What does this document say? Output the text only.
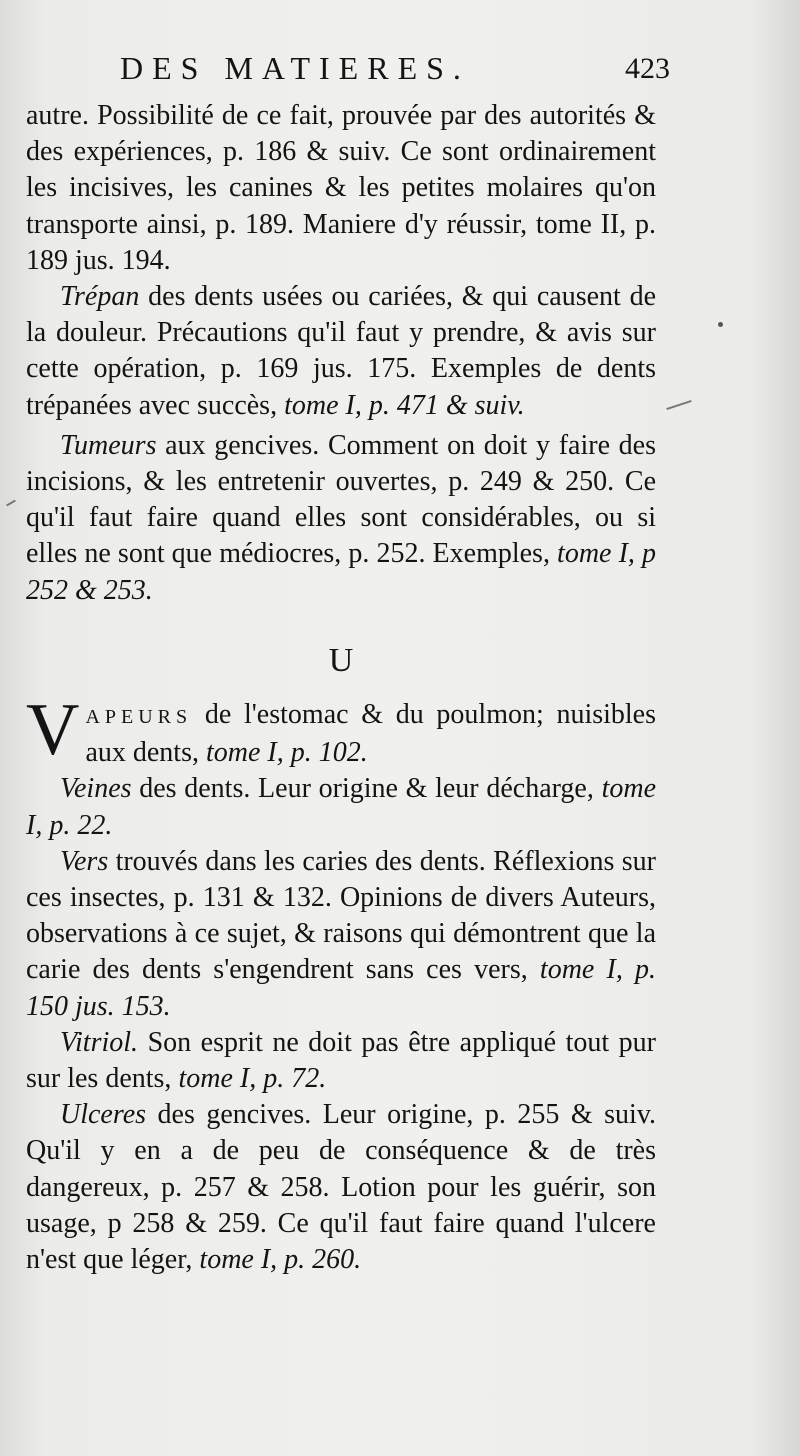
DES MATIERES.	423

autre. Possibilité de ce fait, prouvée par des autorités & des expériences, p. 186 & suiv. Ce sont ordinairement les incisives, les canines & les petites molaires qu'on transporte ainsi, p. 189. Maniere d'y réussir, tome II, p. 189 jus. 194.

Trépan des dents usées ou cariées, & qui causent de la douleur. Précautions qu'il faut y prendre, & avis sur cette opération, p. 169 jus. 175. Exemples de dents trépanées avec succès, tome I, p. 471 & suiv.

Tumeurs aux gencives. Comment on doit y faire des incisions, & les entretenir ouvertes, p. 249 & 250. Ce qu'il faut faire quand elles sont considérables, ou si elles ne sont que médiocres, p. 252. Exemples, tome I, p 252 & 253.

U

V APEURS de l'estomac & du poulmon; nuisibles aux dents, tome I, p. 102.

Veines des dents. Leur origine & leur décharge, tome I, p. 22.

Vers trouvés dans les caries des dents. Réflexions sur ces insectes, p. 131 & 132. Opinions de divers Auteurs, observations à ce sujet, & raisons qui démontrent que la carie des dents s'engendrent sans ces vers, tome I, p. 150 jus. 153.

Vitriol. Son esprit ne doit pas être appliqué tout pur sur les dents, tome I, p. 72.

Ulceres des gencives. Leur origine, p. 255 & suiv. Qu'il y en a de peu de conséquence & de très dangereux, p. 257 & 258. Lotion pour les guérir, son usage, p 258 & 259. Ce qu'il faut faire quand l'ulcere n'est que léger, tome I, p. 260.
